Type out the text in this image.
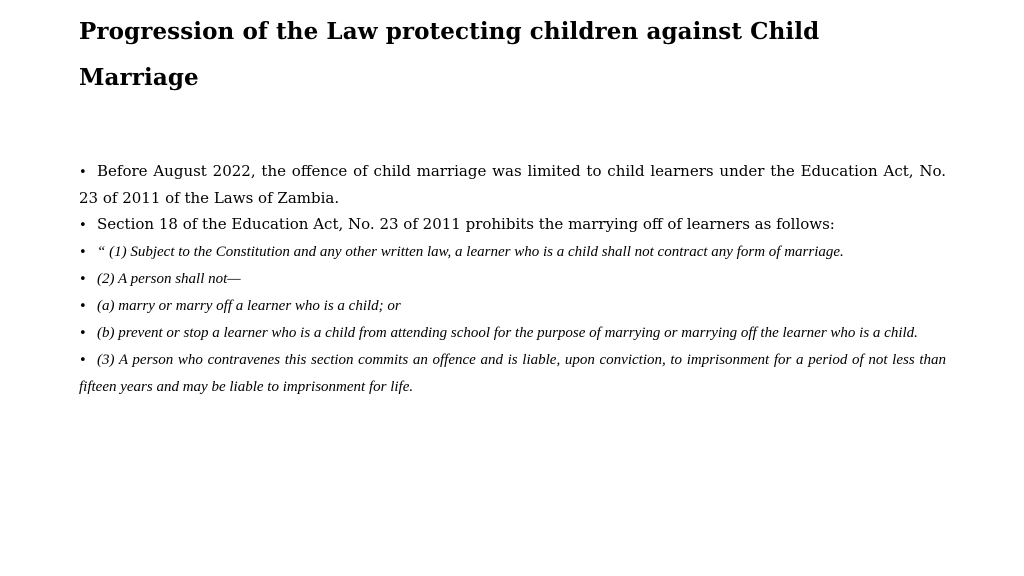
Progression of the Law protecting children against Child Marriage
• Before August 2022, the offence of child marriage was limited to child learners under the Education Act, No. 23 of 2011 of the Laws of Zambia.
• Section 18 of the Education Act, No. 23 of 2011 prohibits the marrying off of learners as follows:
• “ (1) Subject to the Constitution and any other written law, a learner who is a child shall not contract any form of marriage.
• (2) A person shall not—
• (a) marry or marry off a learner who is a child; or
• (b) prevent or stop a learner who is a child from attending school for the purpose of marrying or marrying off the learner who is a child.
• (3) A person who contravenes this section commits an offence and is liable, upon conviction, to imprisonment for a period of not less than fifteen years and may be liable to imprisonment for life.
